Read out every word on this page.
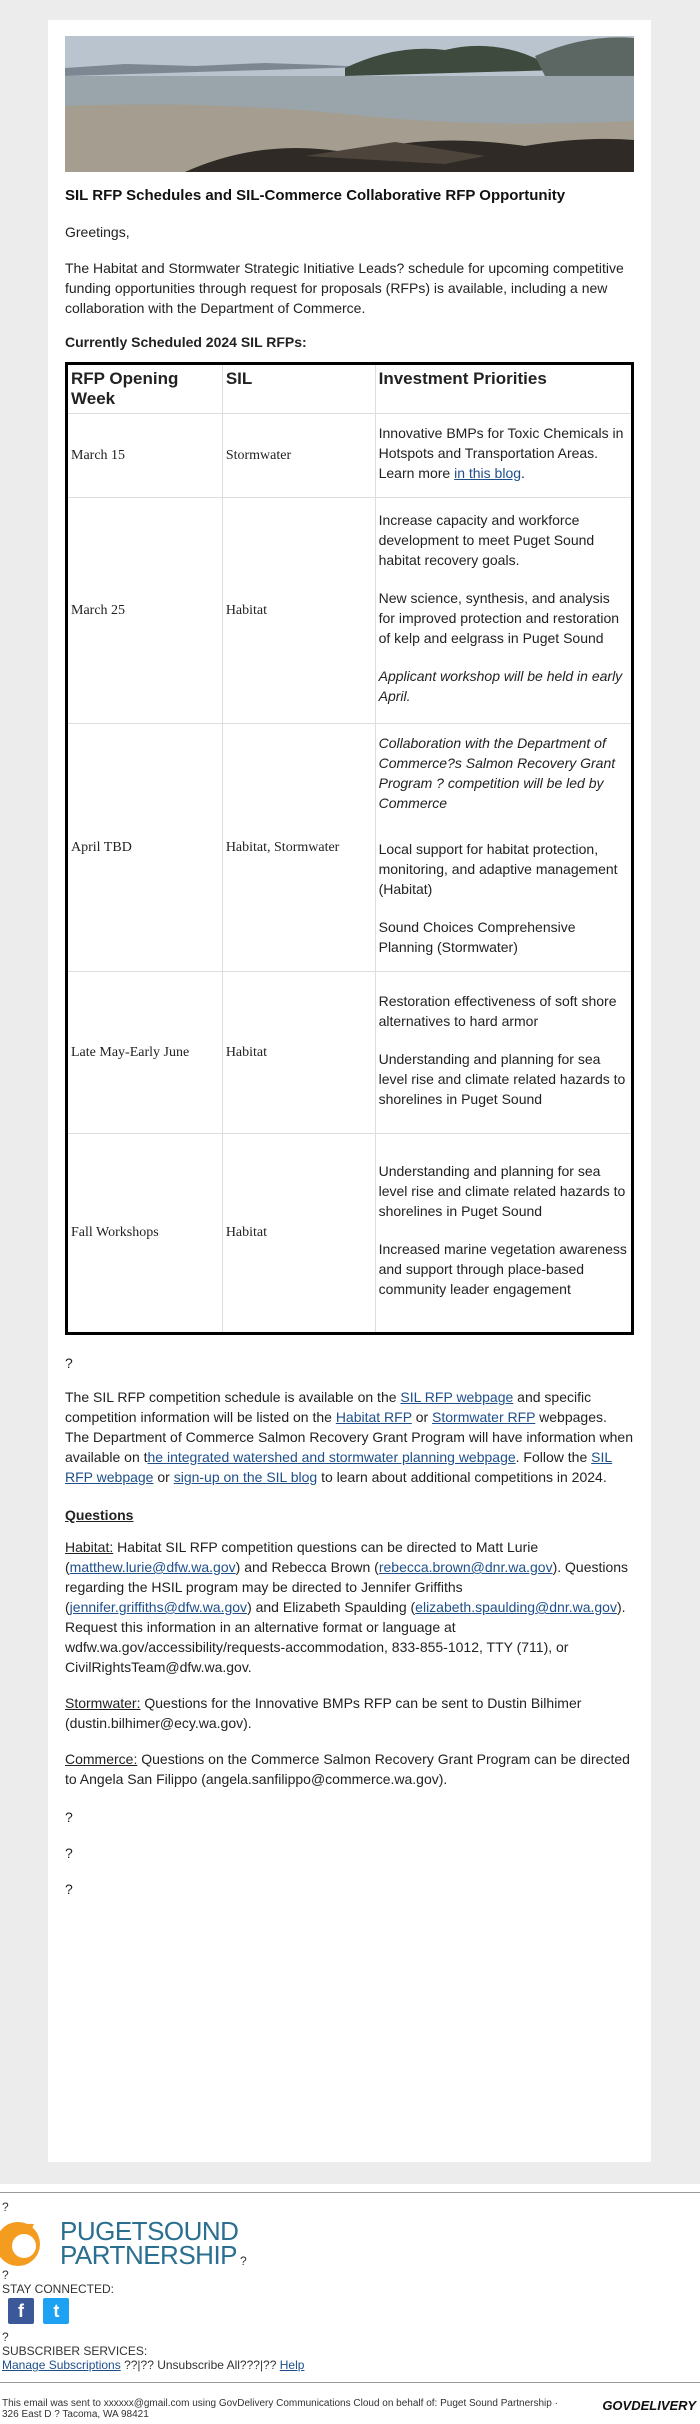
SIL RFP Schedules and SIL-Commerce Collaborative RFP Opportunity

Greetings,

The Habitat and Stormwater Strategic Initiative Leads? schedule for upcoming competitive funding opportunities through request for proposals (RFPs) is available, including a new collaboration with the Department of Commerce.

Currently Scheduled 2024 SIL RFPs:
RFP Opening Week	SIL	Investment Priorities
March 15	Stormwater	Innovative BMPs for Toxic Chemicals in Hotspots and Transportation Areas. Learn more in this blog.

March 25	Habitat	Increase capacity and workforce development to meet Puget Sound habitat recovery goals.
New science, synthesis, and analysis for improved protection and restoration of kelp and eelgrass in Puget Sound
Applicant workshop will be held in early April.

April TBD	Habitat, Stormwater	Collaboration with the Department of Commerce?s Salmon Recovery Grant Program ? competition will be led by Commerce
Local support for habitat protection, monitoring, and adaptive management (Habitat)
Sound Choices Comprehensive Planning (Stormwater)

Late May-Early June	Habitat	Restoration effectiveness of soft shore alternatives to hard armor
Understanding and planning for sea level rise and climate related hazards to shorelines in Puget Sound

Fall Workshops	Habitat	Understanding and planning for sea level rise and climate related hazards to shorelines in Puget Sound
Increased marine vegetation awareness and support through place-based community leader engagement
?

The SIL RFP competition schedule is available on the SIL RFP webpage and specific competition information will be listed on the Habitat RFP or Stormwater RFP webpages. The Department of Commerce Salmon Recovery Grant Program will have information when available on the integrated watershed and stormwater planning webpage. Follow the SIL RFP webpage or sign-up on the SIL blog to learn about additional competitions in 2024.

Questions

Habitat: Habitat SIL RFP competition questions can be directed to Matt Lurie (matthew.lurie@dfw.wa.gov) and Rebecca Brown (rebecca.brown@dnr.wa.gov). Questions regarding the HSIL program may be directed to Jennifer Griffiths (jennifer.griffiths@dfw.wa.gov) and Elizabeth Spaulding (elizabeth.spaulding@dnr.wa.gov). Request this information in an alternative format or language at wdfw.wa.gov/accessibility/requests-accommodation, 833-855-1012, TTY (711), or CivilRightsTeam@dfw.wa.gov.

Stormwater: Questions for the Innovative BMPs RFP can be sent to Dustin Bilhimer (dustin.bilhimer@ecy.wa.gov).

Commerce: Questions on the Commerce Salmon Recovery Grant Program can be directed to Angela San Filippo (angela.sanfilippo@commerce.wa.gov).

?
?
?
?
PUGETSOUND
PARTNERSHIP ?
?
STAY CONNECTED:
f t
?
SUBSCRIBER SERVICES:
Manage Subscriptions ??|?? Unsubscribe All???|?? Help
This email was sent to xxxxxx@gmail.com using GovDelivery Communications Cloud on behalf of: Puget Sound Partnership · 326 East D ? Tacoma, WA 98421
GOVDELIVERY
